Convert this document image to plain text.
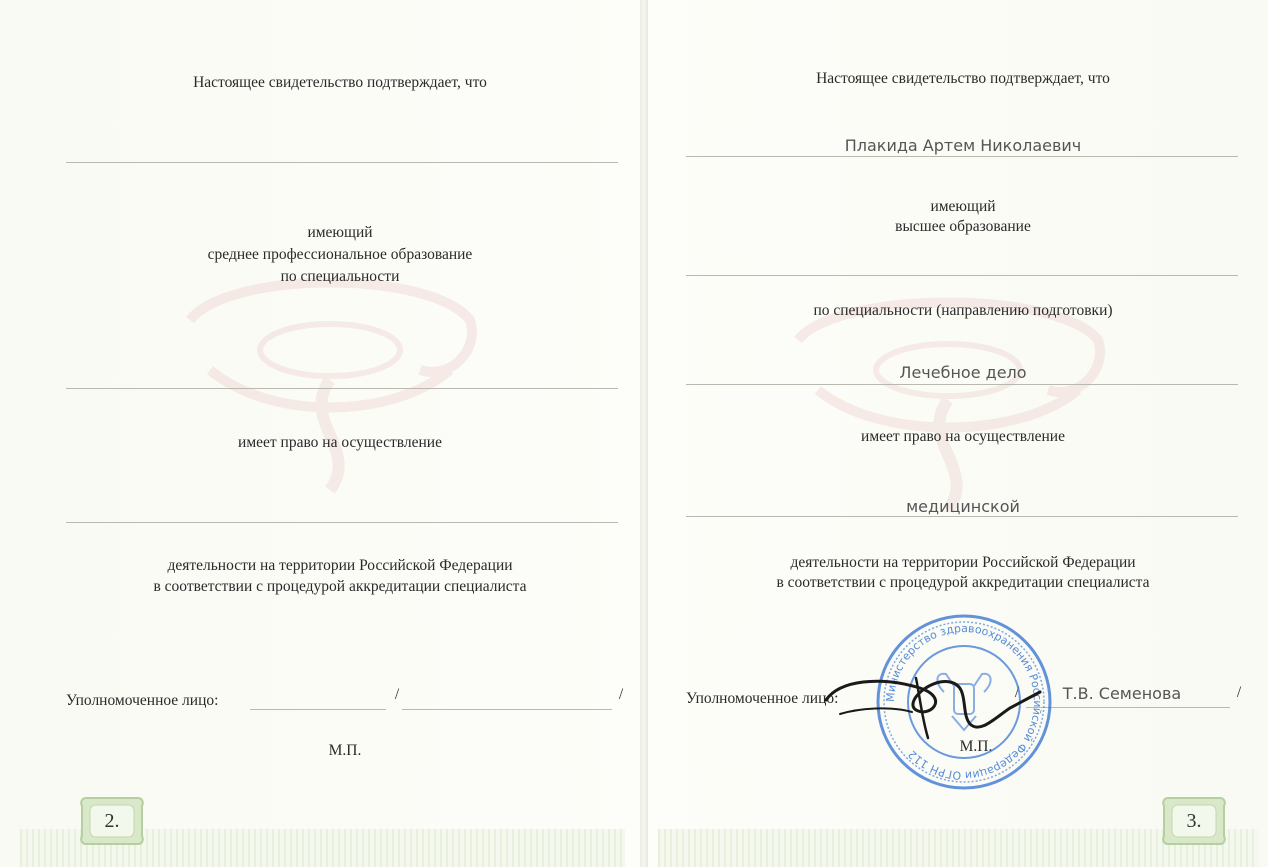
Настоящее свидетельство подтверждает, что
имеющий
среднее профессиональное образование
по специальности
имеет право на осуществление
деятельности на территории Российской Федерации
в соответствии с процедурой аккредитации специалиста
Уполномоченное лицо:	/	/
М.П.
2.
Настоящее свидетельство подтверждает, что
Плакида Артем Николаевич
имеющий
высшее образование
по специальности (направлению подготовки)
Лечебное дело
имеет право на осуществление
медицинской
деятельности на территории Российской Федерации
в соответствии с процедурой аккредитации специалиста
Уполномоченное лицо:	/	Т.В. Семенова	/
М.П.
Министерство здравоохранения Российской Федерации ОГРН 112
3.
